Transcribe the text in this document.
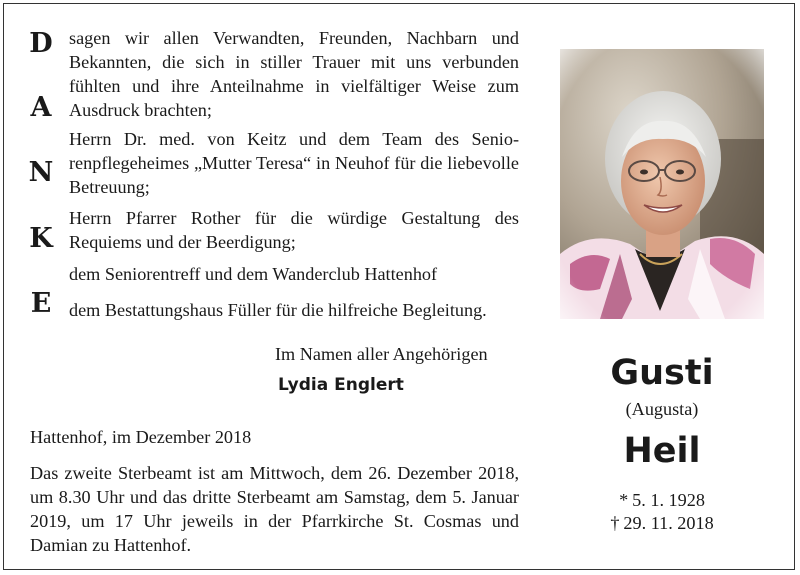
D
A
N
K
E

sagen wir allen Verwandten, Freunden, Nachbarn und Bekannten, die sich in stiller Trauer mit uns verbunden fühlten und ihre Anteilnahme in vielfältiger Weise zum Ausdruck brachten;

Herrn Dr. med. von Keitz und dem Team des Seniorenpflegeheimes „Mutter Teresa“ in Neuhof für die liebevolle Betreuung;

Herrn Pfarrer Rother für die würdige Gestaltung des Requiems und der Beerdigung;

dem Seniorentreff und dem Wanderclub Hattenhof

dem Bestattungshaus Füller für die hilfreiche Begleitung.

Im Namen aller Angehörigen
Lydia Englert
Hattenhof, im Dezember 2018

Das zweite Sterbeamt ist am Mittwoch, dem 26. Dezember 2018, um 8.30 Uhr und das dritte Sterbeamt am Samstag, dem 5. Januar 2019, um 17 Uhr jeweils in der Pfarrkirche St. Cosmas und Damian zu Hattenhof.

Gusti
(Augusta)
Heil
* 5. 1. 1928
† 29. 11. 2018
